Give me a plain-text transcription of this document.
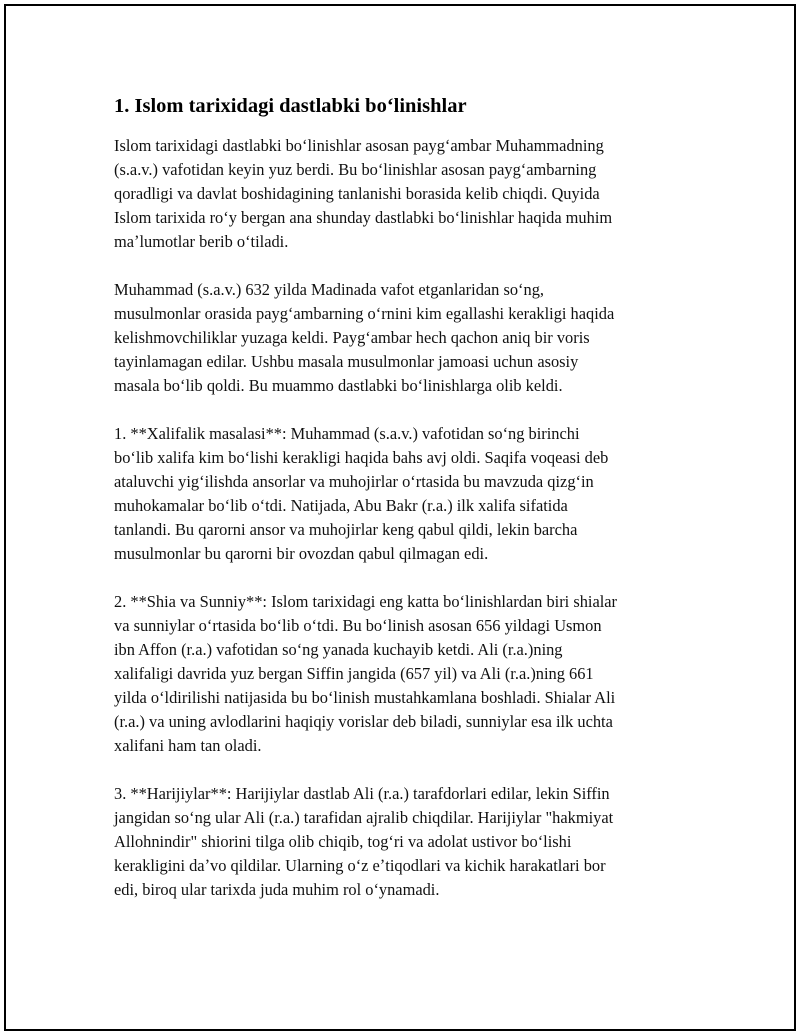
1. Islom tarixidagi dastlabki boʻlinishlar
Islom tarixidagi dastlabki boʻlinishlar asosan paygʻambar Muhammadning
(s.a.v.) vafotidan keyin yuz berdi. Bu boʻlinishlar asosan paygʻambarning
qoradligi va davlat boshidagining tanlanishi borasida kelib chiqdi. Quyida
Islom tarixida roʻy bergan ana shunday dastlabki boʻlinishlar haqida muhim
maʼlumotlar berib oʻtiladi.
Muhammad (s.a.v.) 632 yilda Madinada vafot etganlaridan soʻng,
musulmonlar orasida paygʻambarning oʻrnini kim egallashi kerakligi haqida
kelishmovchiliklar yuzaga keldi. Paygʻambar hech qachon aniq bir voris
tayinlamagan edilar. Ushbu masala musulmonlar jamoasi uchun asosiy
masala boʻlib qoldi. Bu muammo dastlabki boʻlinishlarga olib keldi.
1. **Xalifalik masalasi**: Muhammad (s.a.v.) vafotidan soʻng birinchi
boʻlib xalifa kim boʻlishi kerakligi haqida bahs avj oldi. Saqifa voqeasi deb
ataluvchi yigʻilishda ansorlar va muhojirlar oʻrtasida bu mavzuda qizgʻin
muhokamalar boʻlib oʻtdi. Natijada, Abu Bakr (r.a.) ilk xalifa sifatida
tanlandi. Bu qarorni ansor va muhojirlar keng qabul qildi, lekin barcha
musulmonlar bu qarorni bir ovozdan qabul qilmagan edi.
2. **Shia va Sunniy**: Islom tarixidagi eng katta boʻlinishlardan biri shialar
va sunniylar oʻrtasida boʻlib oʻtdi. Bu boʻlinish asosan 656 yildagi Usmon
ibn Affon (r.a.) vafotidan soʻng yanada kuchayib ketdi. Ali (r.a.)ning
xalifaligi davrida yuz bergan Siffin jangida (657 yil) va Ali (r.a.)ning 661
yilda oʻldirilishi natijasida bu boʻlinish mustahkamlana boshladi. Shialar Ali
(r.a.) va uning avlodlarini haqiqiy vorislar deb biladi, sunniylar esa ilk uchta
xalifani ham tan oladi.
3. **Harijiylar**: Harijiylar dastlab Ali (r.a.) tarafdorlari edilar, lekin Siffin
jangidan soʻng ular Ali (r.a.) tarafidan ajralib chiqdilar. Harijiylar "hakmiyat
Allohnindir" shiorini tilga olib chiqib, togʻri va adolat ustivor boʻlishi
kerakligini daʼvo qildilar. Ularning oʻz eʼtiqodlari va kichik harakatlari bor
edi, biroq ular tarixda juda muhim rol oʻynamadi.
